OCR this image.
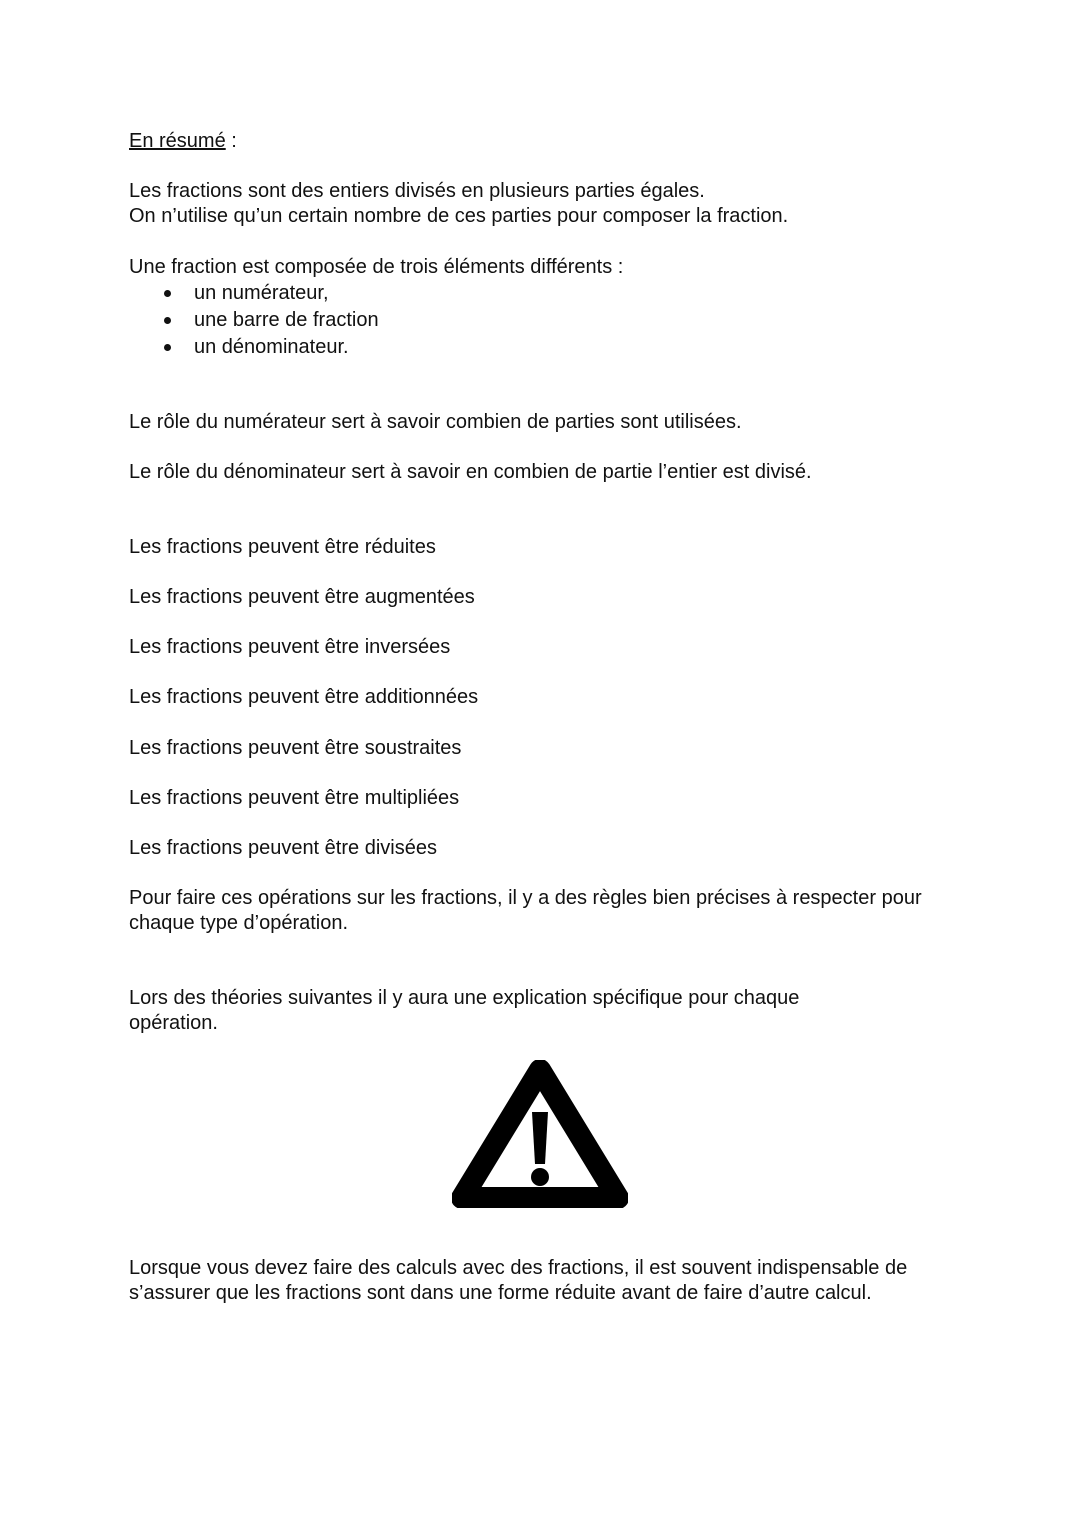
En résumé :
Les fractions sont des entiers divisés en plusieurs parties égales.
On n’utilise qu’un certain nombre de ces parties pour composer la fraction.
Une fraction est composée de trois éléments différents :
un numérateur,
une barre de fraction
un dénominateur.
Le rôle du numérateur sert à savoir combien de parties sont utilisées.
Le rôle du dénominateur sert à savoir en combien de partie l’entier est divisé.
Les fractions peuvent être réduites
Les fractions peuvent être augmentées
Les fractions peuvent être inversées
Les fractions peuvent être additionnées
Les fractions peuvent être soustraites
Les fractions peuvent être multipliées
Les fractions peuvent être divisées
Pour faire ces opérations sur les fractions, il y a des règles bien précises à respecter pour chaque type d’opération.
Lors des théories suivantes il y aura une explication spécifique pour chaque opération.
Lorsque vous devez faire des calculs avec des fractions, il est souvent indispensable de s’assurer que les fractions sont dans une forme réduite avant de faire d’autre calcul.
